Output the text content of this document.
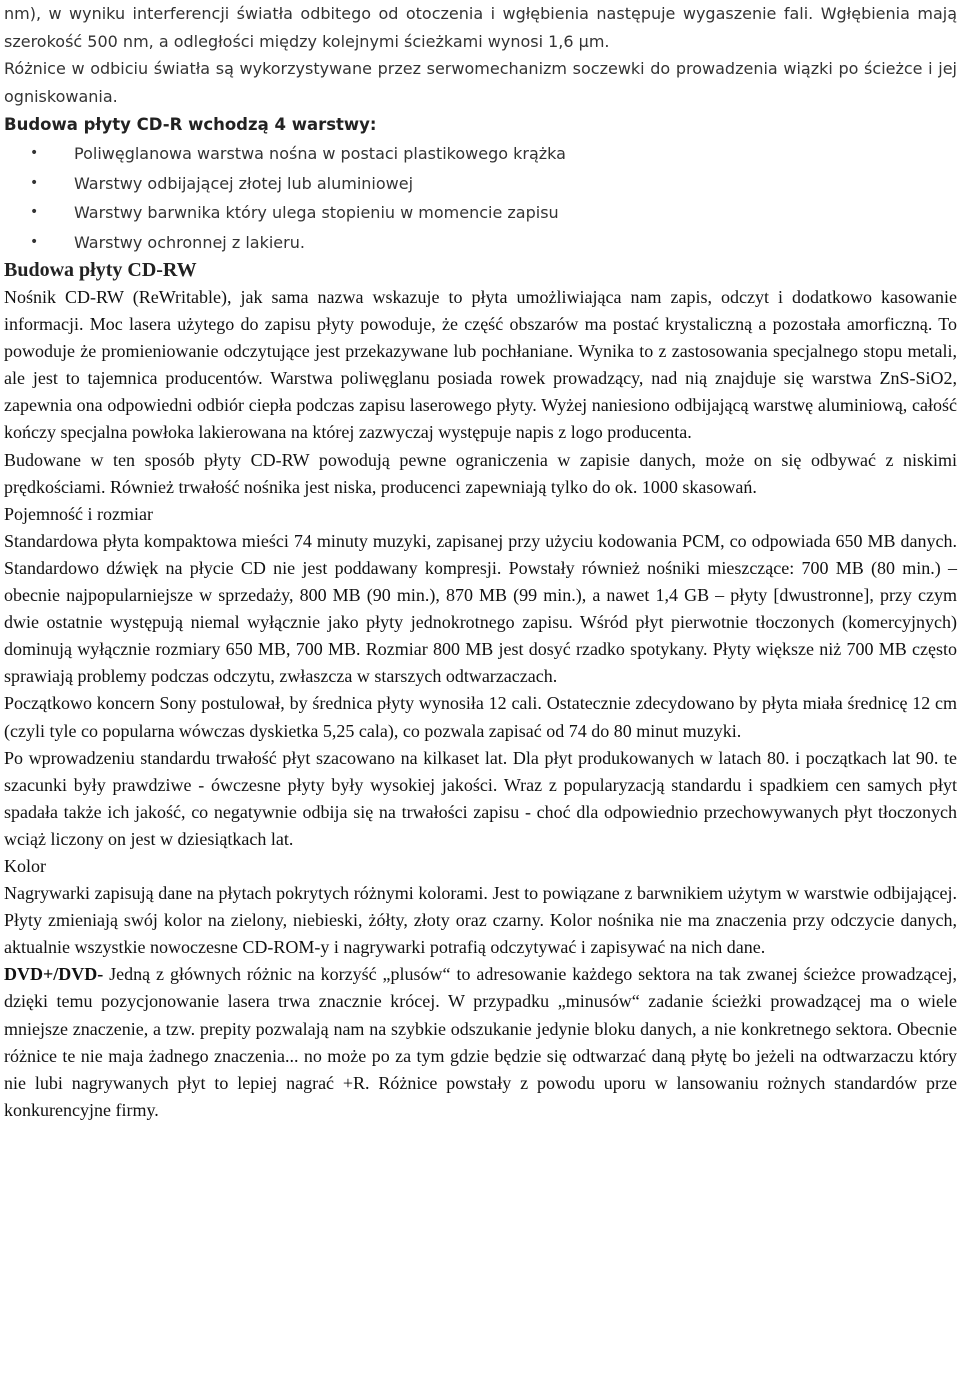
nm), w wyniku interferencji światła odbitego od otoczenia i wgłębienia następuje wygaszenie fali. Wgłębienia mają szerokość 500 nm, a odległości między kolejnymi ścieżkami wynosi 1,6 µm.

Różnice w odbiciu światła są wykorzystywane przez serwomechanizm soczewki do prowadzenia wiązki po ścieżce i jej ogniskowania.

Budowa płyty CD-R wchodzą 4 warstwy:

• Poliwęglanowa warstwa nośna w postaci plastikowego krążka
• Warstwy odbijającej złotej lub aluminiowej
• Warstwy barwnika który ulega stopieniu w momencie zapisu
• Warstwy ochronnej z lakieru.

Budowa płyty CD-RW

Nośnik CD-RW (ReWritable), jak sama nazwa wskazuje to płyta umożliwiająca nam zapis, odczyt i dodatkowo kasowanie informacji. Moc lasera użytego do zapisu płyty powoduje, że część obszarów ma postać krystaliczną a pozostała amorficzną. To powoduje że promieniowanie odczytujące jest przekazywane lub pochłaniane. Wynika to z zastosowania specjalnego stopu metali, ale jest to tajemnica producentów. Warstwa poliwęglanu posiada rowek prowadzący, nad nią znajduje się warstwa ZnS-SiO2, zapewnia ona odpowiedni odbiór ciepła podczas zapisu laserowego płyty. Wyżej naniesiono odbijającą warstwę aluminiową, całość kończy specjalna powłoka lakierowana na której zazwyczaj występuje napis z logo producenta.

Budowane w ten sposób płyty CD-RW powodują pewne ograniczenia w zapisie danych, może on się odbywać z niskimi prędkościami. Również trwałość nośnika jest niska, producenci zapewniają tylko do ok. 1000 skasowań.

Pojemność i rozmiar

Standardowa płyta kompaktowa mieści 74 minuty muzyki, zapisanej przy użyciu kodowania PCM, co odpowiada 650 MB danych. Standardowo dźwięk na płycie CD nie jest poddawany kompresji. Powstały również nośniki mieszczące: 700 MB (80 min.) – obecnie najpopularniejsze w sprzedaży, 800 MB (90 min.), 870 MB (99 min.), a nawet 1,4 GB – płyty [dwustronne], przy czym dwie ostatnie występują niemal wyłącznie jako płyty jednokrotnego zapisu. Wśród płyt pierwotnie tłoczonych (komercyjnych) dominują wyłącznie rozmiary 650 MB, 700 MB. Rozmiar 800 MB jest dosyć rzadko spotykany. Płyty większe niż 700 MB często sprawiają problemy podczas odczytu, zwłaszcza w starszych odtwarzaczach.

Początkowo koncern Sony postulował, by średnica płyty wynosiła 12 cali. Ostatecznie zdecydowano by płyta miała średnicę 12 cm (czyli tyle co popularna wówczas dyskietka 5,25 cala), co pozwala zapisać od 74 do 80 minut muzyki.

Po wprowadzeniu standardu trwałość płyt szacowano na kilkaset lat. Dla płyt produkowanych w latach 80. i początkach lat 90. te szacunki były prawdziwe - ówczesne płyty były wysokiej jakości. Wraz z popularyzacją standardu i spadkiem cen samych płyt spadała także ich jakość, co negatywnie odbija się na trwałości zapisu - choć dla odpowiednio przechowywanych płyt tłoczonych wciąż liczony on jest w dziesiątkach lat.

Kolor

Nagrywarki zapisują dane na płytach pokrytych różnymi kolorami. Jest to powiązane z barwnikiem użytym w warstwie odbijającej. Płyty zmieniają swój kolor na zielony, niebieski, żółty, złoty oraz czarny. Kolor nośnika nie ma znaczenia przy odczycie danych, aktualnie wszystkie nowoczesne CD-ROM-y i nagrywarki potrafią odczytywać i zapisywać na nich dane.

DVD+/DVD- Jedną z głównych różnic na korzyść „plusów“ to adresowanie każdego sektora na tak zwanej ścieżce prowadzącej, dzięki temu pozycjonowanie lasera trwa znacznie krócej. W przypadku „minusów“ zadanie ścieżki prowadzącej ma o wiele mniejsze znaczenie, a tzw. prepity pozwalają nam na szybkie odszukanie jedynie bloku danych, a nie konkretnego sektora. Obecnie różnice te nie maja żadnego znaczenia... no może po za tym gdzie będzie się odtwarzać daną płytę bo jeżeli na odtwarzaczu który nie lubi nagrywanych płyt to lepiej nagrać +R. Różnice powstały z powodu uporu w lansowaniu rożnych standardów prze konkurencyjne firmy.
